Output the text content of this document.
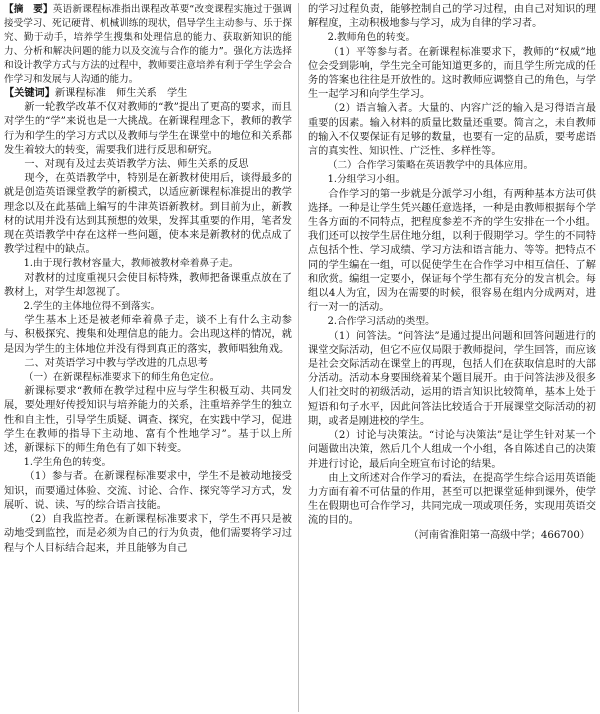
【摘　要】英语新课程标准指出课程改革要“改变课程实施过于强调接受学习、死记硬背、机械训练的现状，倡导学生主动参与、乐于探究、勤于动手，培养学生搜集和处理信息的能力、获取新知识的能力、分析和解决问题的能力以及交流与合作的能力”。强化方法选择和设计教学方式与方法的过程中，教师要注意培养有利于学生学会合作学习和发展与人沟通的能力。

【关键词】新课程标准　师生关系　学生

新一轮教学改革不仅对教师的“教”提出了更高的要求，而且对学生的“学”来说也是一大挑战。在新课程理念下，教师的教学行为和学生的学习方式以及教师与学生在课堂中的地位和关系都发生着较大的转变，需要我们进行反思和研究。

一、对现有及过去英语教学方法、师生关系的反思

现今，在英语教学中，特别是在新教材使用后，谈得最多的就是创造英语课堂教学的新模式，以适应新课程标准提出的教学理念以及在此基础上编写的牛津英语新教材。到目前为止，新教材的试用并没有达到其预想的效果，发挥其重要的作用，笔者发现在英语教学中存在这样一些问题，使本来是新教材的优点成了教学过程中的缺点。

1.由于现行教材容量大，教师被教材牵着鼻子走。

对教材的过度重视只会使目标特殊，教师把备课重点放在了教材上，对学生却忽视了。

2.学生的主体地位得不到落实。

学生基本上还是被老师牵着鼻子走，谈不上有什么主动参与、积极探究、搜集和处理信息的能力。会出现这样的情况，就是因为学生的主体地位并没有得到真正的落实，教师唱独角戏。

二、对英语学习中教与学改进的几点思考

（一）在新课程标准要求下的师生角色定位。

新课标要求“教师在教学过程中应与学生积极互动、共同发展，要处理好传授知识与培养能力的关系，注重培养学生的独立性和自主性，引导学生质疑、调查、探究，在实践中学习，促进学生在教师的指导下主动地、富有个性地学习”。基于以上所述，新课标下的师生角色有了如下转变。

1.学生角色的转变。

（1）参与者。在新课程标准要求中，学生不是被动地接受知识，而要通过体验、交流、讨论、合作、探究等学习方式，发展听、说、读、写的综合语言技能。

（2）自我监控者。在新课程标准要求下，学生不再只是被动地受到监控，而是必须为自己的行为负责，他们需要将学习过程与个人目标结合起来，并且能够为自己

的学习过程负责，能够控制自己的学习过程，由自己对知识的理解程度，主动积极地参与学习，成为自律的学习者。

2.教师角色的转变。

（1）平等参与者。在新课程标准要求下，教师的“权威”地位会受到影响，学生完全可能知道更多的，而且学生所完成的任务的答案也往往是开放性的。这时教师应调整自己的角色，与学生一起学习和向学生学习。

（2）语言输入者。大量的、内容广泛的输入是习得语言最重要的因素。输入材料的质量比数量还重要。简言之，未自教师的输入不仅要保证有足够的数量，也要有一定的品质，要考虑语言的真实性、知识性、广泛性、多样性等。

（二）合作学习策略在英语教学中的具体应用。

1.分组学习小组。

合作学习的第一步就是分派学习小组，有两种基本方法可供选择。一种是让学生凭兴趣任意选择，一种是由教师根据每个学生各方面的不同特点，把程度参差不齐的学生安排在一个小组。我们还可以按学生居住地分组，以利于假期学习。学生的不同特点包括个性、学习成绩、学习方法和语言能力、等等。把特点不同的学生编在一组，可以促使学生在合作学习中相互信任、了解和欣赏。编组一定要小，保证每个学生都有充分的发言机会。每组以4人为宜，因为在需要的时候，很容易在组内分成两对，进行一对一的活动。

2.合作学习活动的类型。

（1）问答法。“问答法”是通过提出问题和回答问题进行的课堂交际活动，但它不应仅局限于教师提问，学生回答，而应该是社会交际活动在课堂上的再现，包括人们在获取信息时的大部分活动。活动本身要围绕着某个题目展开。由于问答法涉及很多人们社交时的初级活动，运用的语言知识比较简单，基本上处于短语和句子水平，因此问答法比较适合于开展课堂交际活动的初期，或者是刚进校的学生。

（2）讨论与决策法。“讨论与决策法”是让学生针对某一个问题做出决策，然后几个人组成一个小组，各自陈述自己的决策并进行讨论，最后向全班宣布讨论的结果。

由上文所述对合作学习的看法，在提高学生综合运用英语能力方面有着不可估量的作用，甚至可以把课堂延伸到课外，使学生在假期也可合作学习，共同完成一项或项任务，实现用英语交流的目的。

（河南省淮阳第一高级中学；466700）
